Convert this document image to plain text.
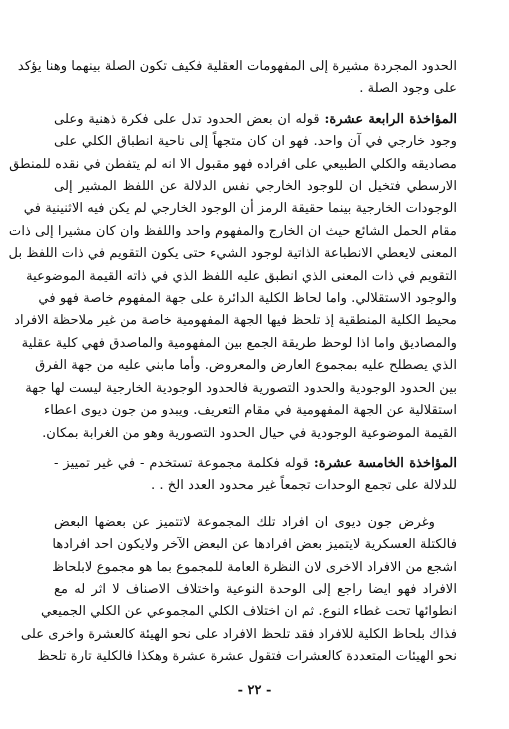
الحدود المجردة مشيرة إلى المفهومات العقلية فكيف تكون الصلة بينهما وهنا يؤكد
على وجود الصلة .
المؤاخذة الرابعة عشرة: قوله ان بعض الحدود تدل على فكرة ذهنية وعلى
وجود خارجي في آن واحد. فهو ان كان متجهاً إلى ناحية انطباق الكلي على
مصاديقه والكلي الطبيعي على افراده فهو مقبول الا انه لم يتفطن في نقده للمنطق
الارسطي فتخيل ان للوجود الخارجي نفس الدلالة عن اللفظ المشير إلى
الوجودات الخارجية بينما حقيقة الرمز أن الوجود الخارجي لم يكن فيه الاثنينية في
مقام الحمل الشائع حيث ان الخارج والمفهوم واحد واللفظ وان كان مشيرا إلى ذات
المعنى لايعطي الانطباعة الذاتية لوجود الشيء حتى يكون التقويم في ذات اللفظ بل
التقويم في ذات المعنى الذي انطبق عليه اللفظ الذي في ذاته القيمة الموضوعية
والوجود الاستقلالي. واما لحاظ الكلية الدائرة على جهة المفهوم خاصة فهو في
محيط الكلية المنطقية إذ تلحظ فيها الجهة المفهومية خاصة من غير ملاحظة الافراد
والمصاديق واما اذا لوحظ طريقة الجمع بين المفهومية والماصدق فهي كلية عقلية
الذي يصطلح عليه بمجموع العارض والمعروض. وأما مابني عليه من جهة الفرق
بين الحدود الوجودية والحدود التصورية فالحدود الوجودية الخارجية ليست لها جهة
استقلالية عن الجهة المفهومية في مقام التعريف. ويبدو من جون ديوى اعطاء
القيمة الموضوعية الوجودية في حيال الحدود التصورية وهو من الغرابة بمكان.
المؤاخذة الخامسة عشرة: قوله فكلمة مجموعة تستخدم - في غير تمييز -
للدلالة على تجمع الوحدات تجمعاً غير محدود العدد الخ . .
وغرض جون ديوى ان افراد تلك المجموعة لاتتميز عن بعضها البعض
فالكتلة العسكرية لايتميز بعض افرادها عن البعض الآخر ولايكون احد افرادها
اشجع من الافراد الاخرى لان النظرة العامة للمجموع بما هو مجموع لابلحاظ
الافراد فهو ايضا راجع إلى الوحدة النوعية واختلاف الاصناف لا اثر له مع
انطوائها تحت غطاء النوع. ثم ان اختلاف الكلي المجموعي عن الكلي الجميعي
فذاك بلحاظ الكلية للافراد فقد تلحظ الافراد على نحو الهيئة كالعشرة واخرى على
نحو الهيئات المتعددة كالعشرات فتقول عشرة عشرة وهكذا فالكلية تارة تلحظ
- ٢٢ -
